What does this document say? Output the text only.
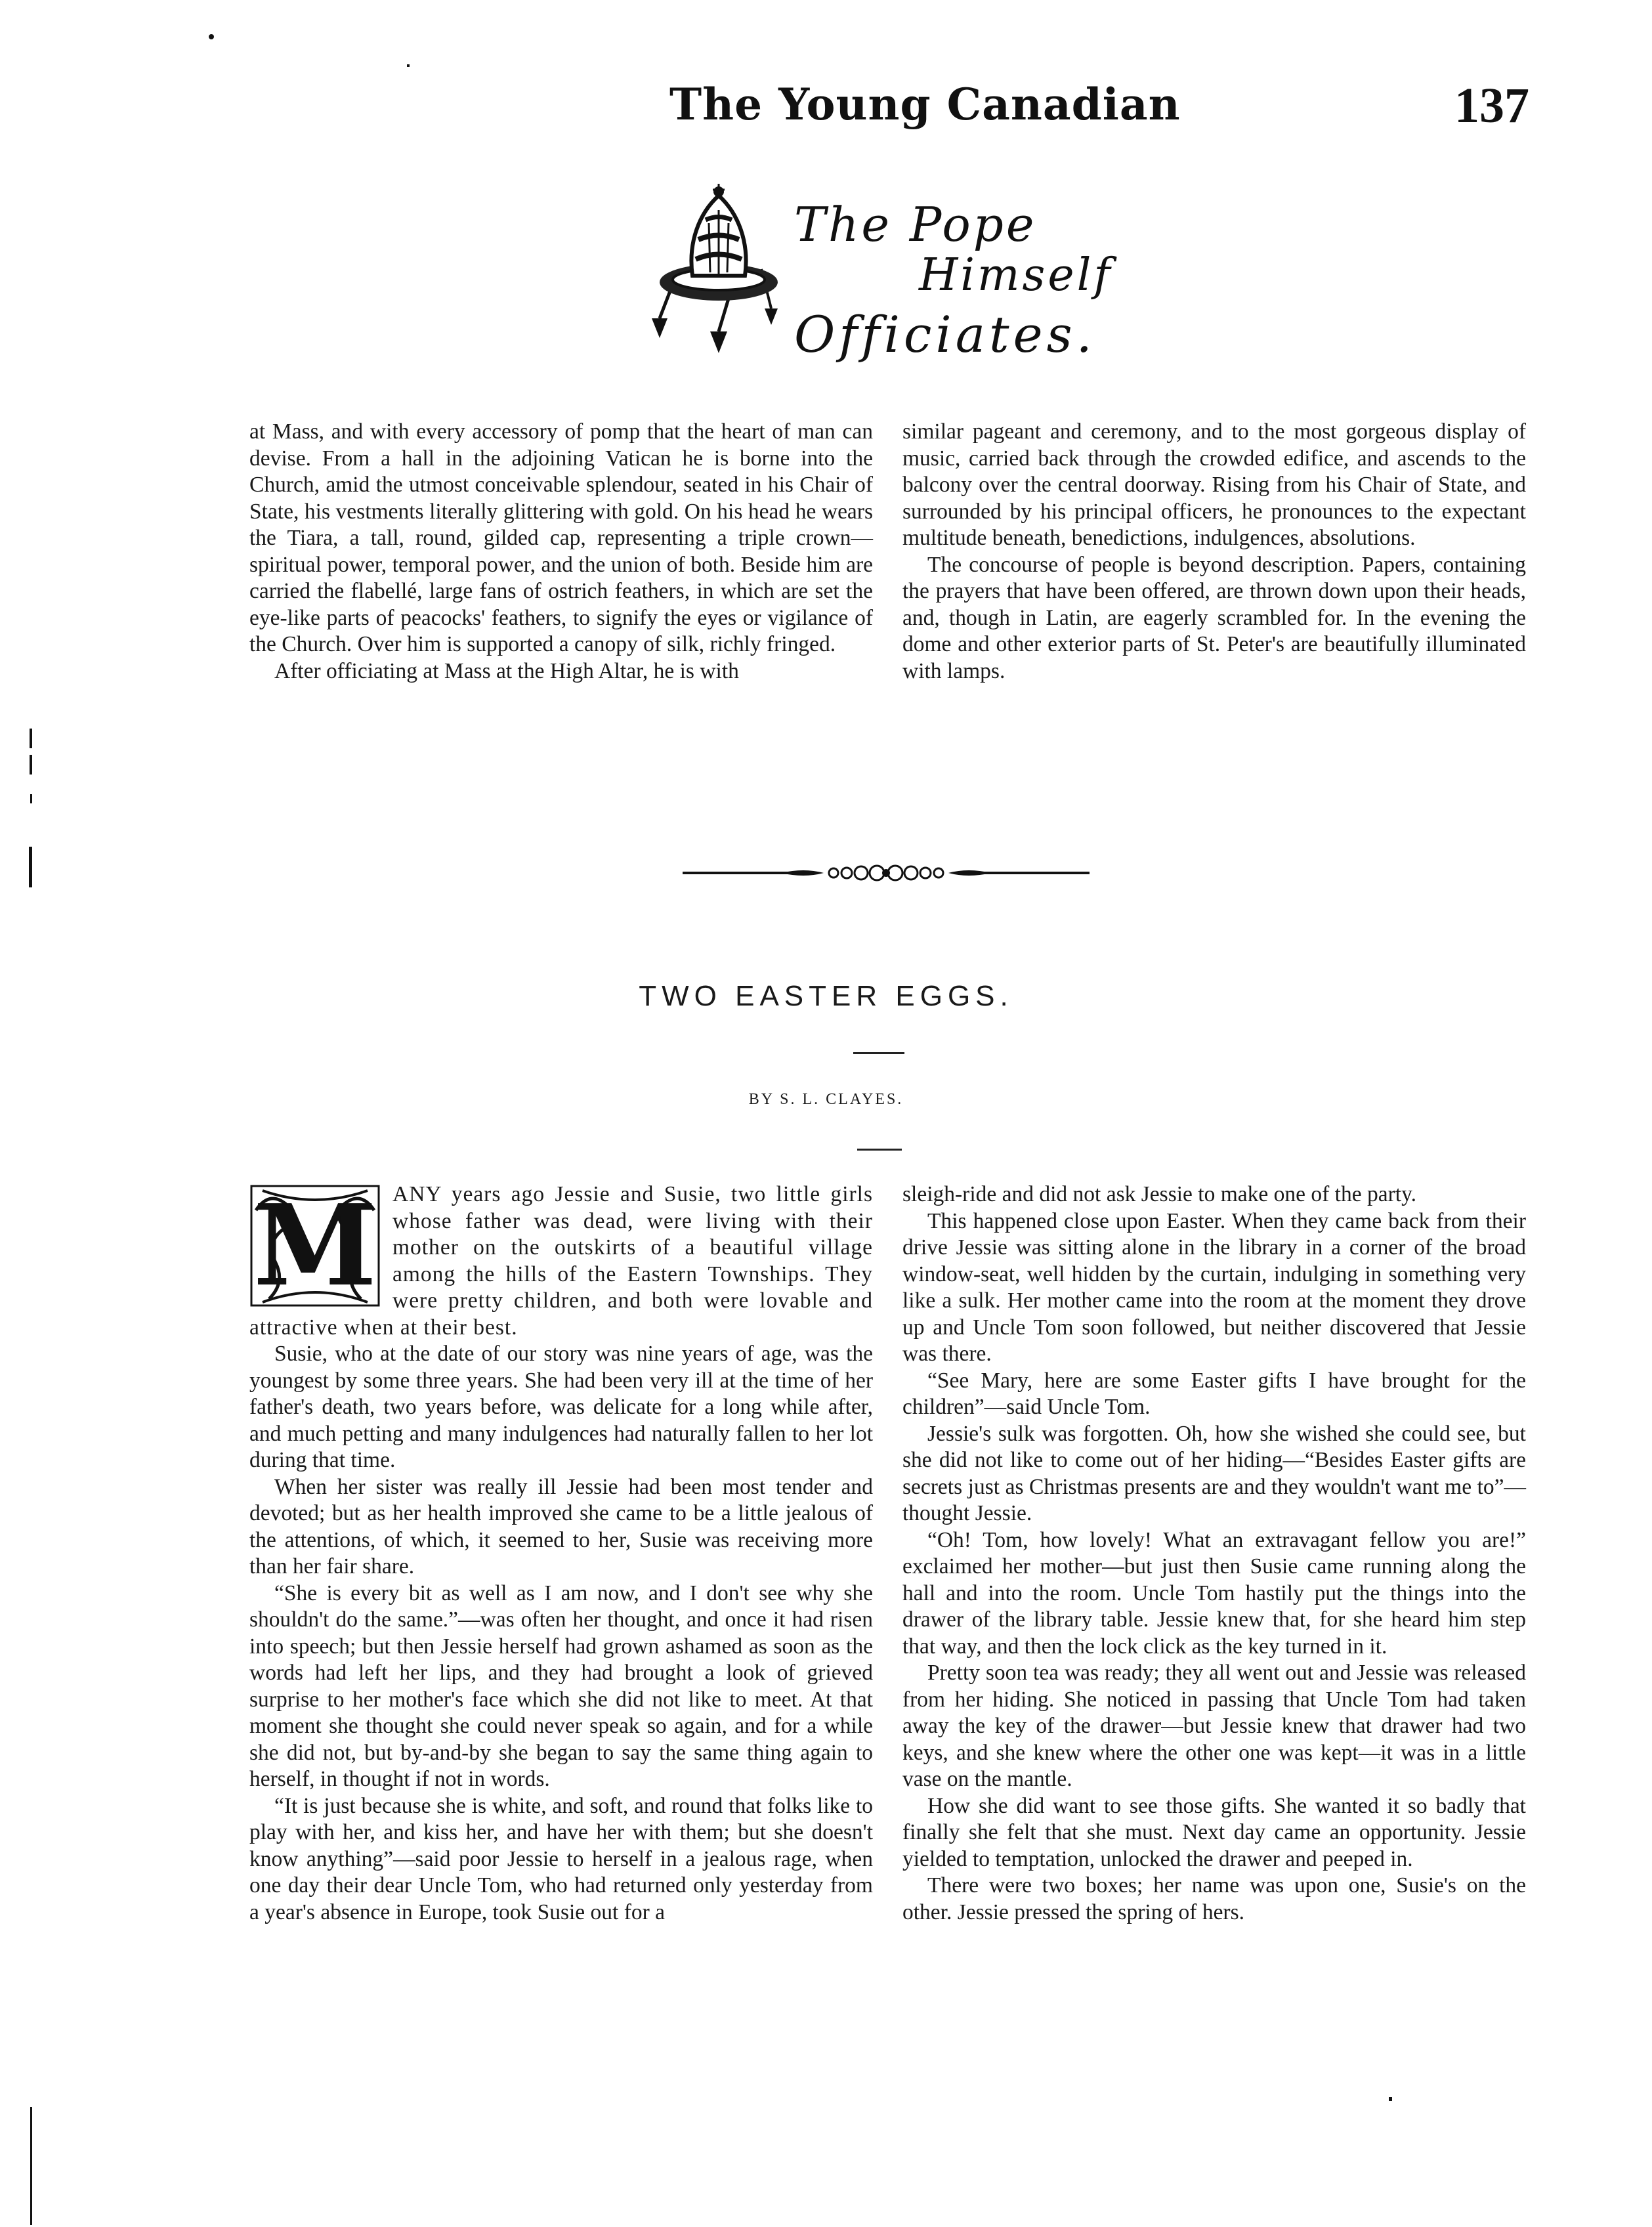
The Young Canadian	137
The Pope
Himself
Officiates.

at Mass, and with every accessory of pomp that the heart of man can devise. From a hall in the adjoining Vatican he is borne into the Church, amid the utmost conceivable splendour, seated in his Chair of State, his vestments literally glittering with gold. On his head he wears the Tiara, a tall, round, gilded cap, representing a triple crown—spiritual power, temporal power, and the union of both. Beside him are carried the flabellé, large fans of ostrich feathers, in which are set the eye-like parts of peacocks' feathers, to signify the eyes or vigilance of the Church. Over him is supported a canopy of silk, richly fringed.

After officiating at Mass at the High Altar, he is with

similar pageant and ceremony, and to the most gorgeous display of music, carried back through the crowded edifice, and ascends to the balcony over the central doorway. Rising from his Chair of State, and surrounded by his principal officers, he pronounces to the expectant multitude beneath, benedictions, indulgences, absolutions.

The concourse of people is beyond description. Papers, containing the prayers that have been offered, are thrown down upon their heads, and, though in Latin, are eagerly scrambled for. In the evening the dome and other exterior parts of St. Peter's are beautifully illuminated with lamps.

TWO EASTER EGGS.
BY S. L. CLAYES.

M ANY years ago Jessie and Susie, two little girls whose father was dead, were living with their mother on the outskirts of a beautiful village among the hills of the Eastern Townships. They were pretty children, and both were lovable and attractive when at their best.

Susie, who at the date of our story was nine years of age, was the youngest by some three years. She had been very ill at the time of her father's death, two years before, was delicate for a long while after, and much petting and many indulgences had naturally fallen to her lot during that time.

When her sister was really ill Jessie had been most tender and devoted; but as her health improved she came to be a little jealous of the attentions, of which, it seemed to her, Susie was receiving more than her fair share.

“She is every bit as well as I am now, and I don't see why she shouldn't do the same.”—was often her thought, and once it had risen into speech; but then Jessie herself had grown ashamed as soon as the words had left her lips, and they had brought a look of grieved surprise to her mother's face which she did not like to meet. At that moment she thought she could never speak so again, and for a while she did not, but by-and-by she began to say the same thing again to herself, in thought if not in words.

“It is just because she is white, and soft, and round that folks like to play with her, and kiss her, and have her with them; but she doesn't know anything”—said poor Jessie to herself in a jealous rage, when one day their dear Uncle Tom, who had returned only yesterday from a year's absence in Europe, took Susie out for a

sleigh-ride and did not ask Jessie to make one of the party.

This happened close upon Easter. When they came back from their drive Jessie was sitting alone in the library in a corner of the broad window-seat, well hidden by the curtain, indulging in something very like a sulk. Her mother came into the room at the moment they drove up and Uncle Tom soon followed, but neither discovered that Jessie was there.

“See Mary, here are some Easter gifts I have brought for the children”—said Uncle Tom.

Jessie's sulk was forgotten. Oh, how she wished she could see, but she did not like to come out of her hiding—“Besides Easter gifts are secrets just as Christmas presents are and they wouldn't want me to”—thought Jessie.

“Oh! Tom, how lovely! What an extravagant fellow you are!” exclaimed her mother—but just then Susie came running along the hall and into the room. Uncle Tom hastily put the things into the drawer of the library table. Jessie knew that, for she heard him step that way, and then the lock click as the key turned in it.

Pretty soon tea was ready; they all went out and Jessie was released from her hiding. She noticed in passing that Uncle Tom had taken away the key of the drawer—but Jessie knew that drawer had two keys, and she knew where the other one was kept—it was in a little vase on the mantle.

How she did want to see those gifts. She wanted it so badly that finally she felt that she must. Next day came an opportunity. Jessie yielded to temptation, unlocked the drawer and peeped in.

There were two boxes; her name was upon one, Susie's on the other. Jessie pressed the spring of hers.
